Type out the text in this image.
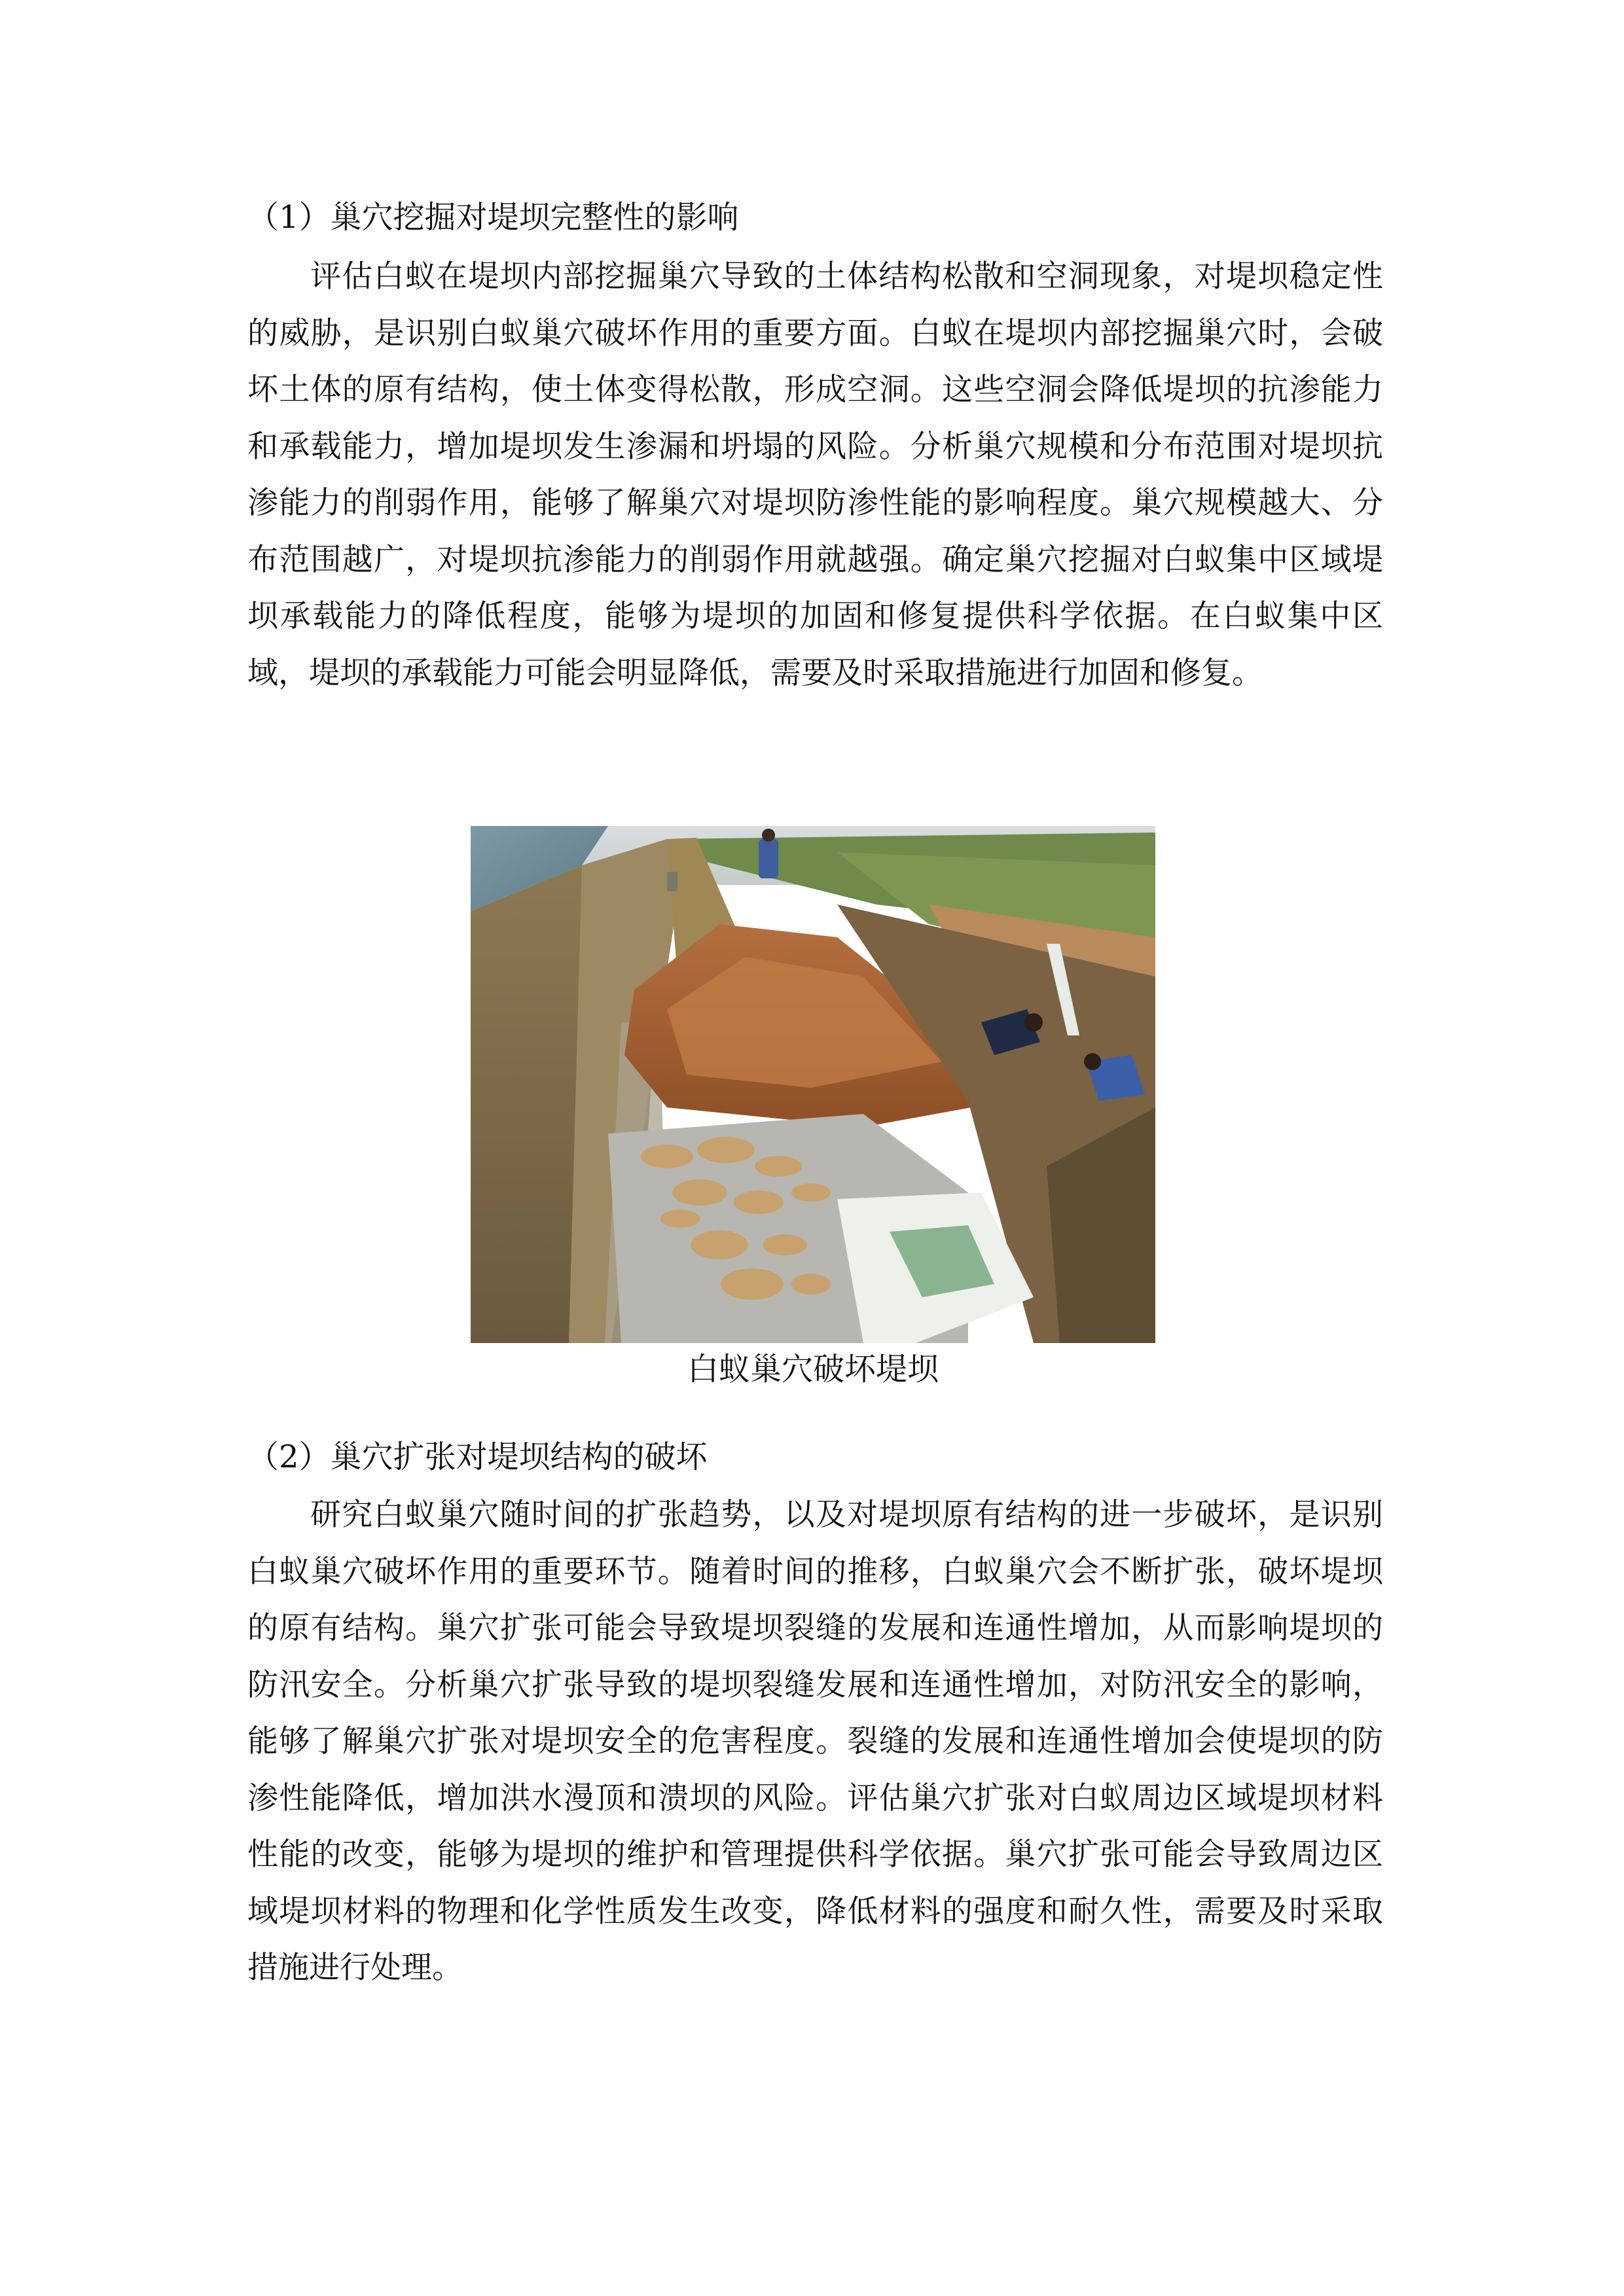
（1）巢穴挖掘对堤坝完整性的影响

评估白蚁在堤坝内部挖掘巢穴导致的土体结构松散和空洞现象，对堤坝稳定性的威胁，是识别白蚁巢穴破坏作用的重要方面。白蚁在堤坝内部挖掘巢穴时，会破坏土体的原有结构，使土体变得松散，形成空洞。这些空洞会降低堤坝的抗渗能力和承载能力，增加堤坝发生渗漏和坍塌的风险。分析巢穴规模和分布范围对堤坝抗渗能力的削弱作用，能够了解巢穴对堤坝防渗性能的影响程度。巢穴规模越大、分布范围越广，对堤坝抗渗能力的削弱作用就越强。确定巢穴挖掘对白蚁集中区域堤坝承载能力的降低程度，能够为堤坝的加固和修复提供科学依据。在白蚁集中区域，堤坝的承载能力可能会明显降低，需要及时采取措施进行加固和修复。

白蚁巢穴破坏堤坝
（2）巢穴扩张对堤坝结构的破坏

研究白蚁巢穴随时间的扩张趋势，以及对堤坝原有结构的进一步破坏，是识别白蚁巢穴破坏作用的重要环节。随着时间的推移，白蚁巢穴会不断扩张，破坏堤坝的原有结构。巢穴扩张可能会导致堤坝裂缝的发展和连通性增加，从而影响堤坝的防汛安全。分析巢穴扩张导致的堤坝裂缝发展和连通性增加，对防汛安全的影响，能够了解巢穴扩张对堤坝安全的危害程度。裂缝的发展和连通性增加会使堤坝的防渗性能降低，增加洪水漫顶和溃坝的风险。评估巢穴扩张对白蚁周边区域堤坝材料性能的改变，能够为堤坝的维护和管理提供科学依据。巢穴扩张可能会导致周边区域堤坝材料的物理和化学性质发生改变，降低材料的强度和耐久性，需要及时采取措施进行处理。
